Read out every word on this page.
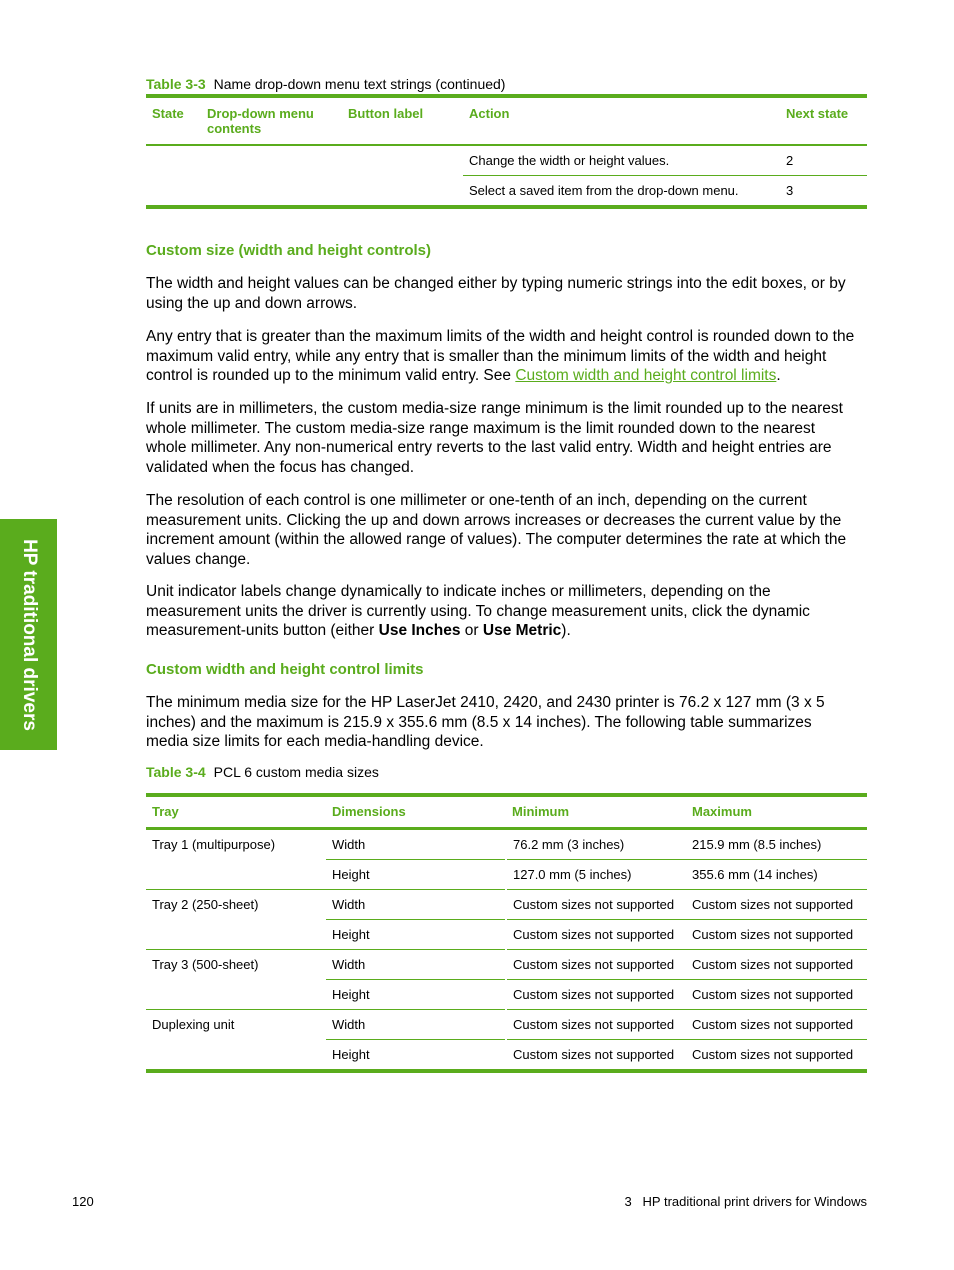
HP traditional drivers
Table 3-3 Name drop-down menu text strings (continued)
State	Drop-down menu contents	Button label	Action	Next state
			Change the width or height values.	2
			Select a saved item from the drop-down menu.	3
Custom size (width and height controls)

The width and height values can be changed either by typing numeric strings into the edit boxes, or by using the up and down arrows.

Any entry that is greater than the maximum limits of the width and height control is rounded down to the maximum valid entry, while any entry that is smaller than the minimum limits of the width and height control is rounded up to the minimum valid entry. See Custom width and height control limits.

If units are in millimeters, the custom media-size range minimum is the limit rounded up to the nearest whole millimeter. The custom media-size range maximum is the limit rounded down to the nearest whole millimeter. Any non-numerical entry reverts to the last valid entry. Width and height entries are validated when the focus has changed.

The resolution of each control is one millimeter or one-tenth of an inch, depending on the current measurement units. Clicking the up and down arrows increases or decreases the current value by the increment amount (within the allowed range of values). The computer determines the rate at which the values change.

Unit indicator labels change dynamically to indicate inches or millimeters, depending on the measurement units the driver is currently using. To change measurement units, click the dynamic measurement-units button (either Use Inches or Use Metric).

Custom width and height control limits

The minimum media size for the HP LaserJet 2410, 2420, and 2430 printer is 76.2 x 127 mm (3 x 5 inches) and the maximum is 215.9 x 355.6 mm (8.5 x 14 inches). The following table summarizes media size limits for each media-handling device.

Table 3-4 PCL 6 custom media sizes
Tray	Dimensions	Minimum	Maximum
Tray 1 (multipurpose)	Width	76.2 mm (3 inches)	215.9 mm (8.5 inches)
	Height	127.0 mm (5 inches)	355.6 mm (14 inches)
Tray 2 (250-sheet)	Width	Custom sizes not supported	Custom sizes not supported
	Height	Custom sizes not supported	Custom sizes not supported
Tray 3 (500-sheet)	Width	Custom sizes not supported	Custom sizes not supported
	Height	Custom sizes not supported	Custom sizes not supported
Duplexing unit	Width	Custom sizes not supported	Custom sizes not supported
	Height	Custom sizes not supported	Custom sizes not supported
120	3   HP traditional print drivers for Windows
